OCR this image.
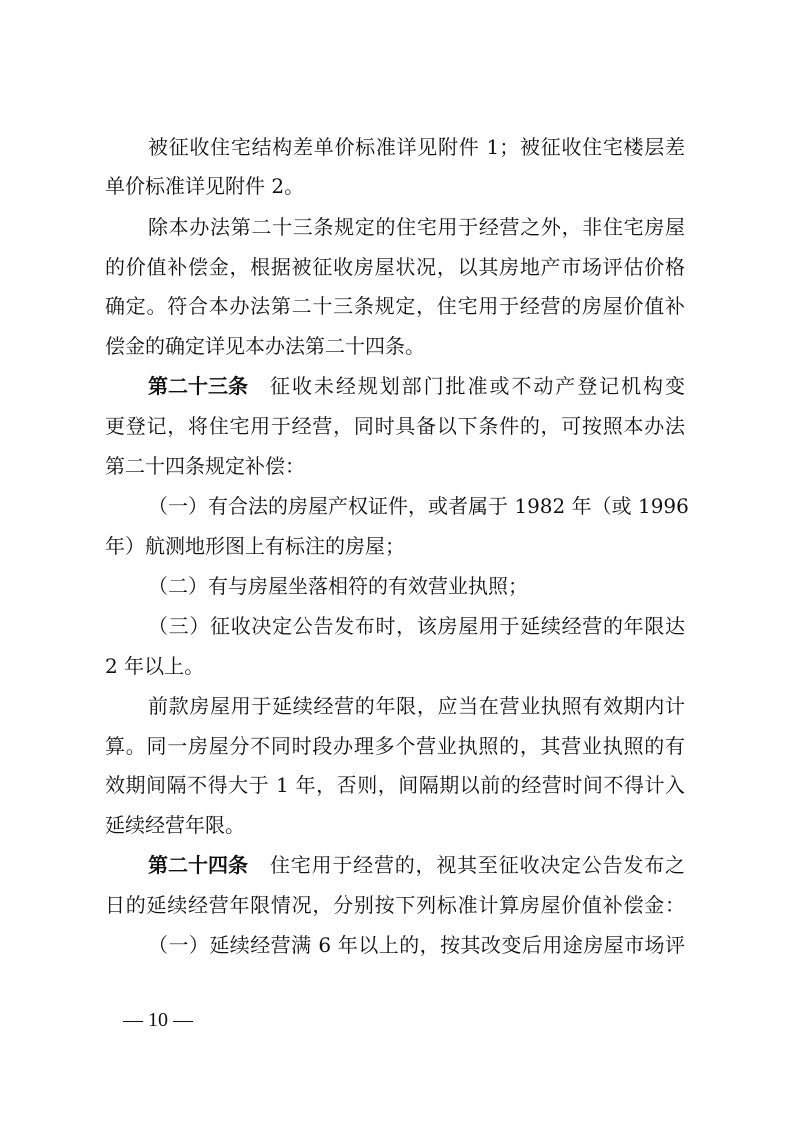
被征收住宅结构差单价标准详见附件 1；被征收住宅楼层差
单价标准详见附件 2。
除本办法第二十三条规定的住宅用于经营之外，非住宅房屋
的价值补偿金，根据被征收房屋状况，以其房地产市场评估价格
确定。符合本办法第二十三条规定，住宅用于经营的房屋价值补
偿金的确定详见本办法第二十四条。
第二十三条 征收未经规划部门批准或不动产登记机构变
更登记，将住宅用于经营，同时具备以下条件的，可按照本办法
第二十四条规定补偿：
（一）有合法的房屋产权证件，或者属于 1982 年（或 1996
年）航测地形图上有标注的房屋；
（二）有与房屋坐落相符的有效营业执照；
（三）征收决定公告发布时，该房屋用于延续经营的年限达
2 年以上。
前款房屋用于延续经营的年限，应当在营业执照有效期内计
算。同一房屋分不同时段办理多个营业执照的，其营业执照的有
效期间隔不得大于 1 年，否则，间隔期以前的经营时间不得计入
延续经营年限。
第二十四条 住宅用于经营的，视其至征收决定公告发布之
日的延续经营年限情况，分别按下列标准计算房屋价值补偿金：
（一）延续经营满 6 年以上的，按其改变后用途房屋市场评
— 10 —
